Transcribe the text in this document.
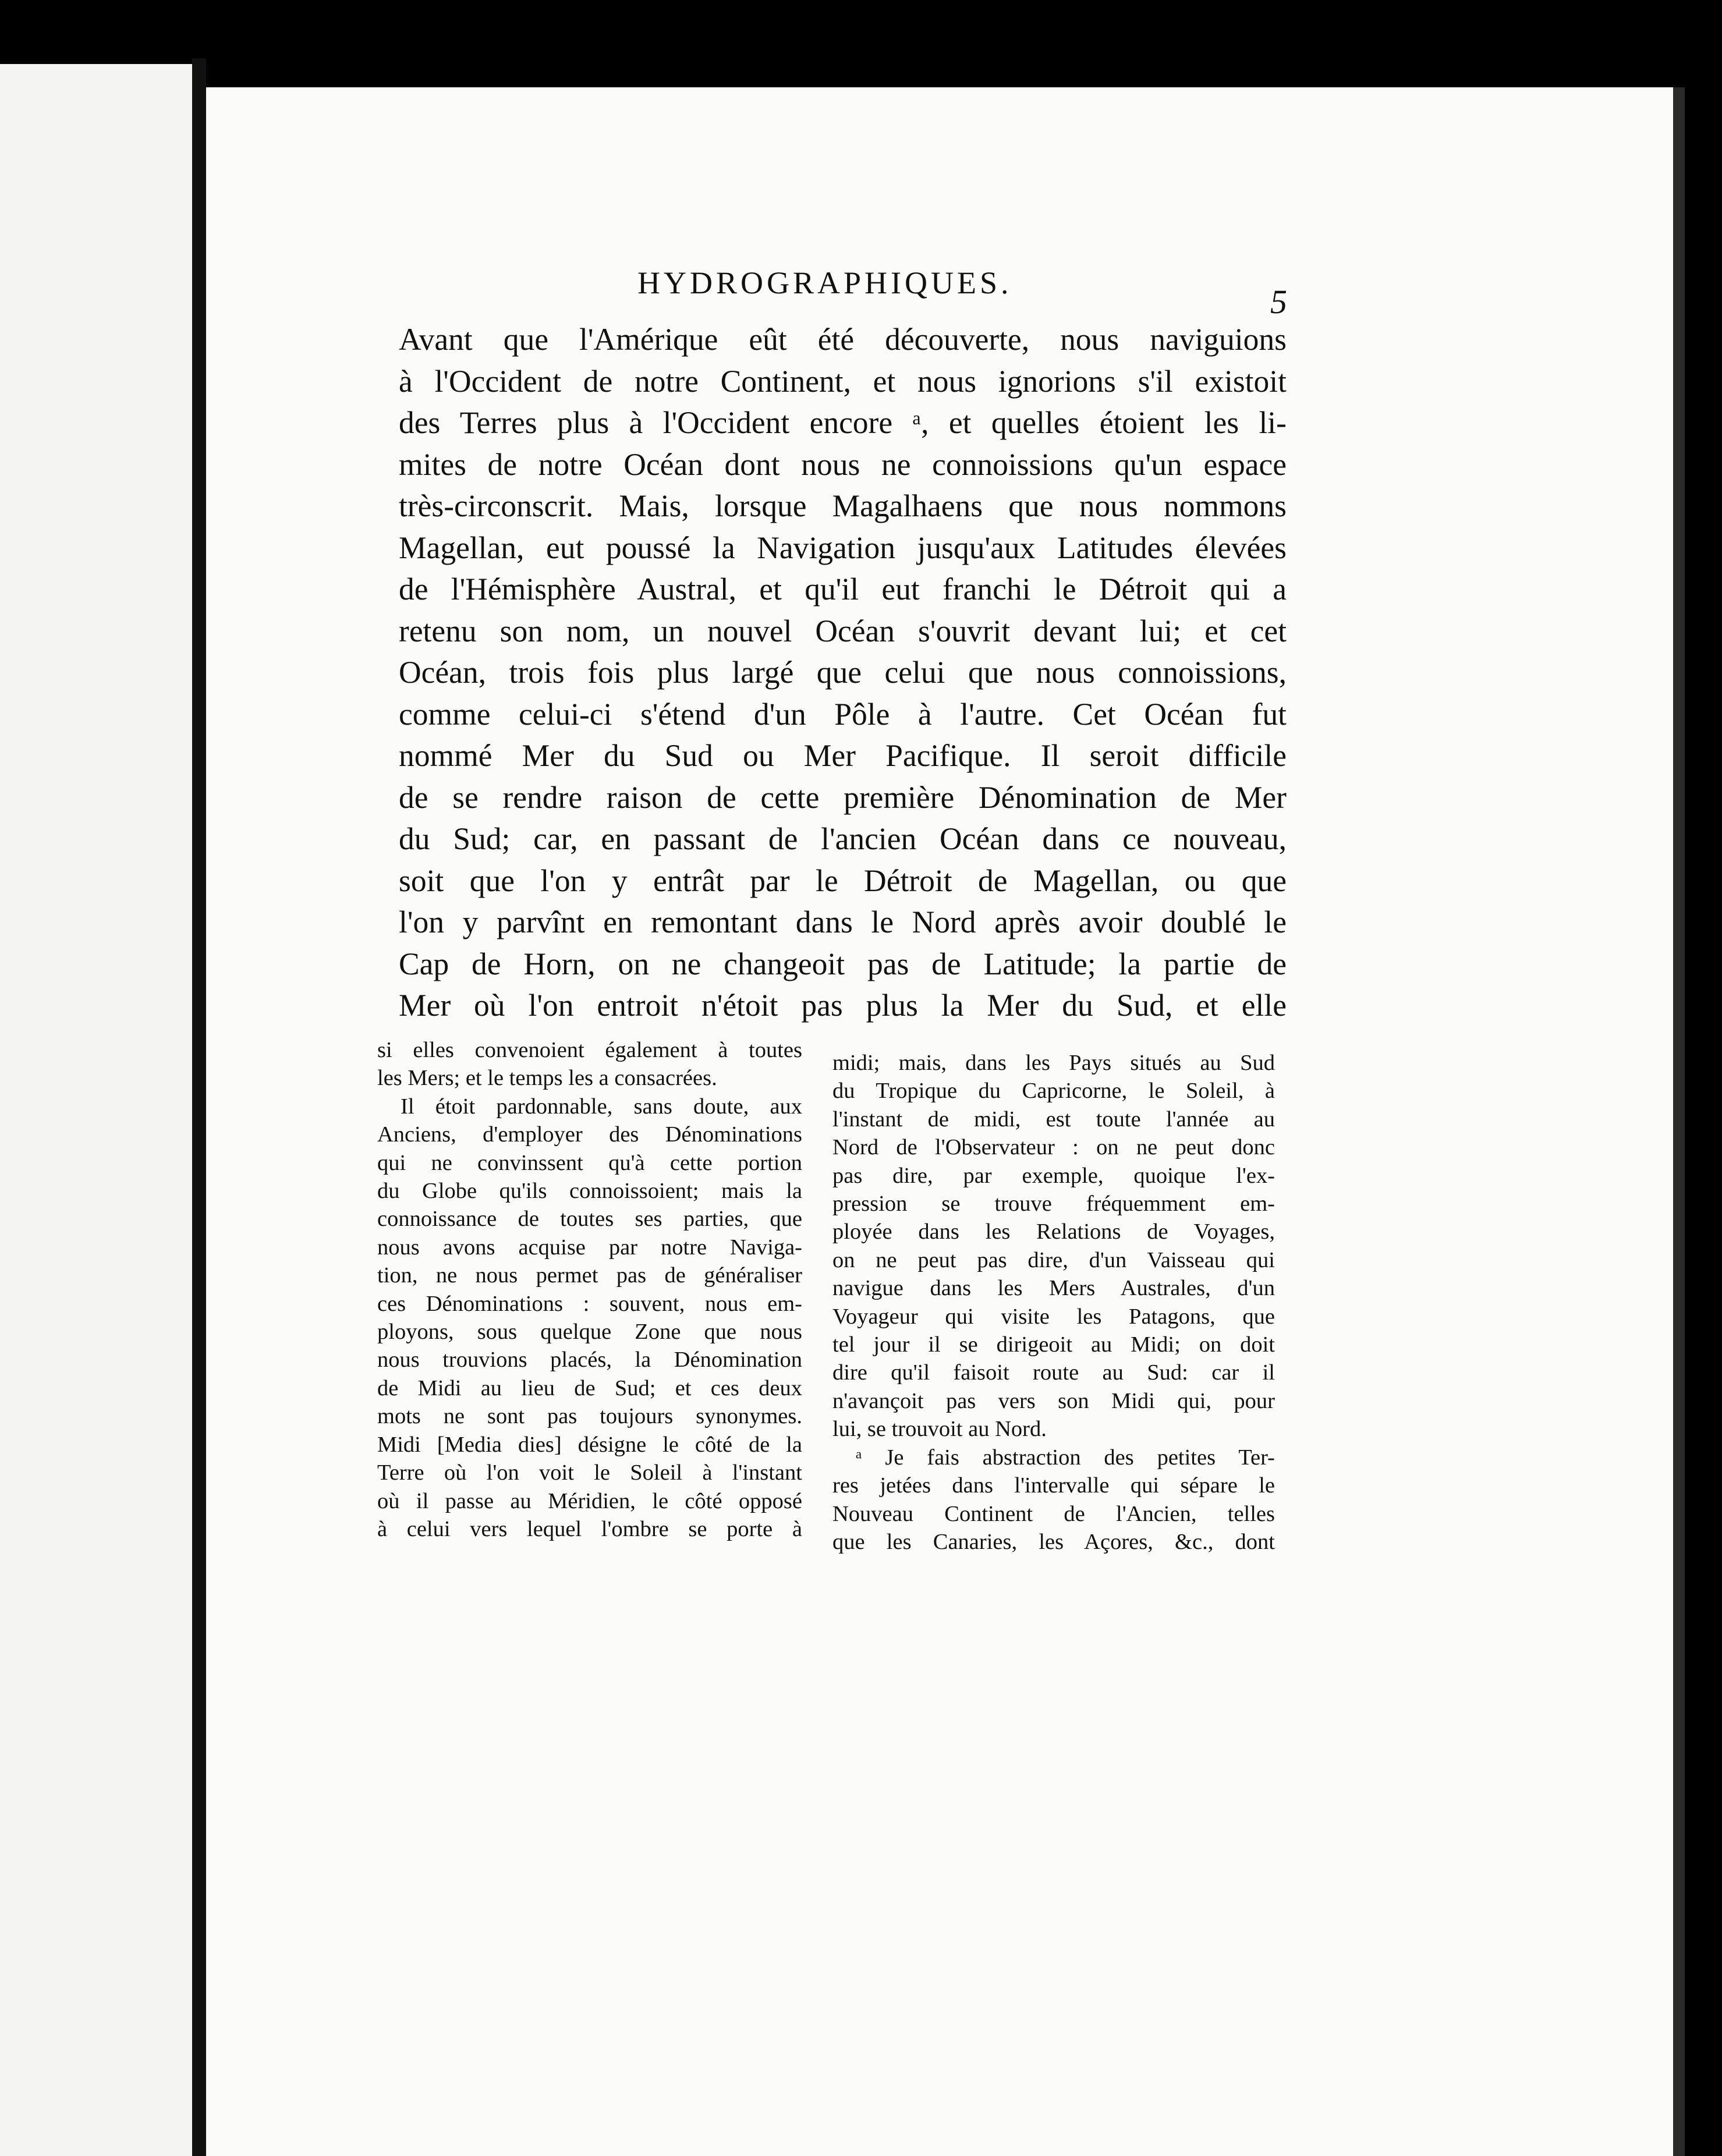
HYDROGRAPHIQUES.	5
Avant que l'Amérique eût été découverte, nous naviguions
à l'Occident de notre Continent, et nous ignorions s'il existoit
des Terres plus à l'Occident encore ᵃ, et quelles étoient les li-
mites de notre Océan dont nous ne connoissions qu'un espace
très-circonscrit. Mais, lorsque Magalhaens que nous nommons
Magellan, eut poussé la Navigation jusqu'aux Latitudes élevées
de l'Hémisphère Austral, et qu'il eut franchi le Détroit qui a
retenu son nom, un nouvel Océan s'ouvrit devant lui; et cet
Océan, trois fois plus largé que celui que nous connoissions,
comme celui-ci s'étend d'un Pôle à l'autre. Cet Océan fut
nommé Mer du Sud ou Mer Pacifique. Il seroit difficile
de se rendre raison de cette première Dénomination de Mer
du Sud; car, en passant de l'ancien Océan dans ce nouveau,
soit que l'on y entrât par le Détroit de Magellan, ou que
l'on y parvînt en remontant dans le Nord après avoir doublé le
Cap de Horn, on ne changeoit pas de Latitude; la partie de
Mer où l'on entroit n'étoit pas plus la Mer du Sud, et elle
si elles convenoient également à toutes
les Mers; et le temps les a consacrées.
Il étoit pardonnable, sans doute, aux
Anciens, d'employer des Dénominations
qui ne convinssent qu'à cette portion
du Globe qu'ils connoissoient; mais la
connoissance de toutes ses parties, que
nous avons acquise par notre Naviga-
tion, ne nous permet pas de généraliser
ces Dénominations : souvent, nous em-
ployons, sous quelque Zone que nous
nous trouvions placés, la Dénomination
de Midi au lieu de Sud; et ces deux
mots ne sont pas toujours synonymes.
Midi [Media dies] désigne le côté de la
Terre où l'on voit le Soleil à l'instant
où il passe au Méridien, le côté opposé
à celui vers lequel l'ombre se porte à
midi; mais, dans les Pays situés au Sud
du Tropique du Capricorne, le Soleil, à
l'instant de midi, est toute l'année au
Nord de l'Observateur : on ne peut donc
pas dire, par exemple, quoique l'ex-
pression se trouve fréquemment em-
ployée dans les Relations de Voyages,
on ne peut pas dire, d'un Vaisseau qui
navigue dans les Mers Australes, d'un
Voyageur qui visite les Patagons, que
tel jour il se dirigeoit au Midi; on doit
dire qu'il faisoit route au Sud: car il
n'avançoit pas vers son Midi qui, pour
lui, se trouvoit au Nord.
ᵃ Je fais abstraction des petites Ter-
res jetées dans l'intervalle qui sépare le
Nouveau Continent de l'Ancien, telles
que les Canaries, les Açores, &c., dont
